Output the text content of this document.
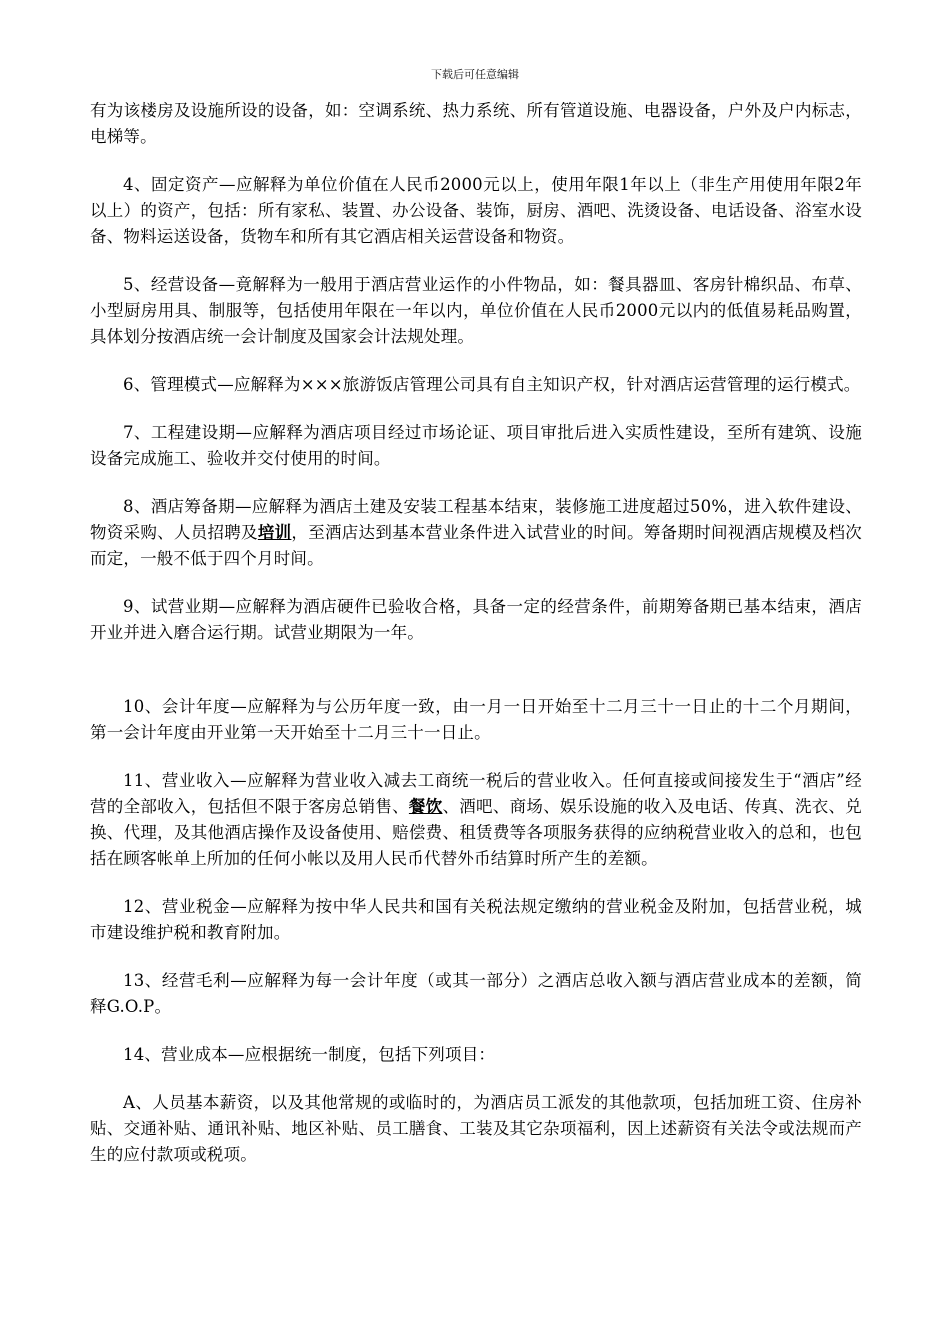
下载后可任意编辑

有为该楼房及设施所设的设备，如：空调系统、热力系统、所有管道设施、电器设备，户外及户内标志，电梯等。

4、固定资产—应解释为单位价值在人民币2000元以上，使用年限1年以上（非生产用使用年限2年以上）的资产，包括：所有家私、装置、办公设备、装饰，厨房、酒吧、洗烫设备、电话设备、浴室水设备、物料运送设备，货物车和所有其它酒店相关运营设备和物资。

5、经营设备—竟解释为一般用于酒店营业运作的小件物品，如：餐具器皿、客房针棉织品、布草、小型厨房用具、制服等，包括使用年限在一年以内，单位价值在人民币2000元以内的低值易耗品购置，具体划分按酒店统一会计制度及国家会计法规处理。

6、管理模式—应解释为×××旅游饭店管理公司具有自主知识产权，针对酒店运营管理的运行模式。

7、工程建设期—应解释为酒店项目经过市场论证、项目审批后进入实质性建设，至所有建筑、设施设备完成施工、验收并交付使用的时间。

8、酒店筹备期—应解释为酒店土建及安装工程基本结束，装修施工进度超过50%，进入软件建设、物资采购、人员招聘及培训，至酒店达到基本营业条件进入试营业的时间。筹备期时间视酒店规模及档次而定，一般不低于四个月时间。

9、试营业期—应解释为酒店硬件已验收合格，具备一定的经营条件，前期筹备期已基本结束，酒店开业并进入磨合运行期。试营业期限为一年。

10、会计年度—应解释为与公历年度一致，由一月一日开始至十二月三十一日止的十二个月期间，第一会计年度由开业第一天开始至十二月三十一日止。

11、营业收入—应解释为营业收入减去工商统一税后的营业收入。任何直接或间接发生于“酒店”经营的全部收入，包括但不限于客房总销售、餐饮、酒吧、商场、娱乐设施的收入及电话、传真、洗衣、兑换、代理，及其他酒店操作及设备使用、赔偿费、租赁费等各项服务获得的应纳税营业收入的总和，也包括在顾客帐单上所加的任何小帐以及用人民币代替外币结算时所产生的差额。

12、营业税金—应解释为按中华人民共和国有关税法规定缴纳的营业税金及附加，包括营业税，城市建设维护税和教育附加。

13、经营毛利—应解释为每一会计年度（或其一部分）之酒店总收入额与酒店营业成本的差额，简释G.O.P。

14、营业成本—应根据统一制度，包括下列项目：

A、人员基本薪资，以及其他常规的或临时的，为酒店员工派发的其他款项，包括加班工资、住房补贴、交通补贴、通讯补贴、地区补贴、员工膳食、工装及其它杂项福利，因上述薪资有关法令或法规而产生的应付款项或税项。
